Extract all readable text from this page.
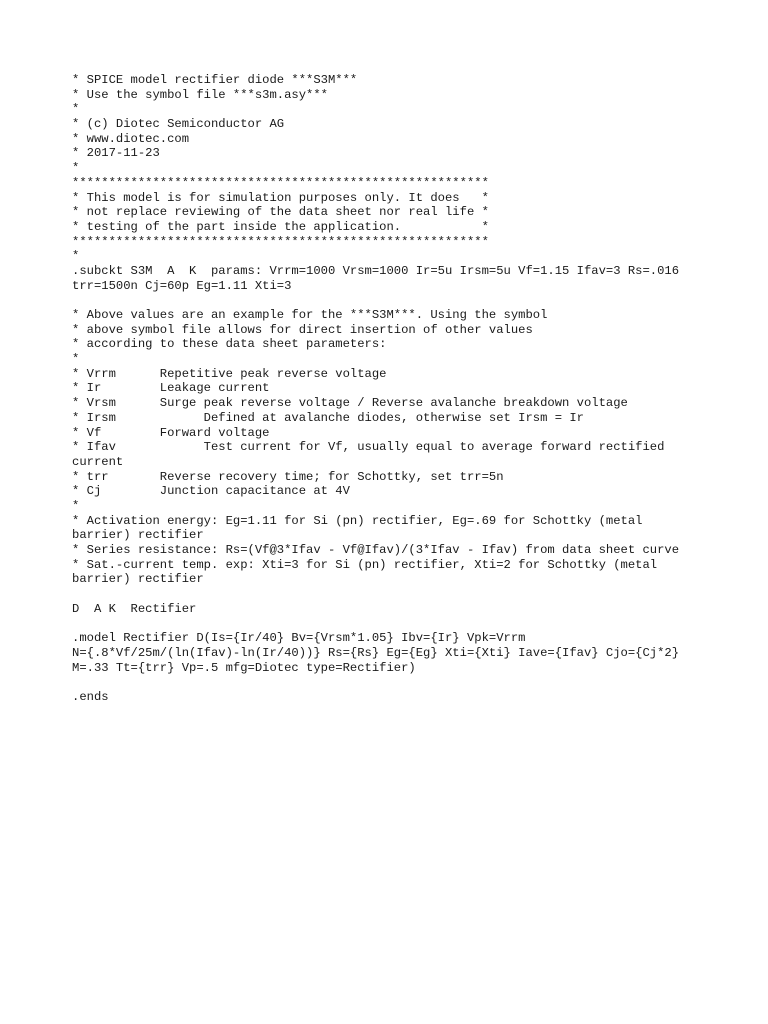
* SPICE model rectifier diode ***S3M***
* Use the symbol file ***s3m.asy***
*
* (c) Diotec Semiconductor AG
* www.diotec.com
* 2017-11-23
*
*********************************************************
* This model is for simulation purposes only. It does   *
* not replace reviewing of the data sheet nor real life *
* testing of the part inside the application.           *
*********************************************************
*
.subckt S3M  A  K  params: Vrrm=1000 Vrsm=1000 Ir=5u Irsm=5u Vf=1.15 Ifav=3 Rs=.016
trr=1500n Cj=60p Eg=1.11 Xti=3
* Above values are an example for the ***S3M***. Using the symbol
* above symbol file allows for direct insertion of other values
* according to these data sheet parameters:
*
* Vrrm      Repetitive peak reverse voltage
* Ir        Leakage current
* Vrsm      Surge peak reverse voltage / Reverse avalanche breakdown voltage
* Irsm            Defined at avalanche diodes, otherwise set Irsm = Ir
* Vf        Forward voltage
* Ifav            Test current for Vf, usually equal to average forward rectified
current
* trr       Reverse recovery time; for Schottky, set trr=5n
* Cj        Junction capacitance at 4V
*
* Activation energy: Eg=1.11 for Si (pn) rectifier, Eg=.69 for Schottky (metal
barrier) rectifier
* Series resistance: Rs=(Vf@3*Ifav - Vf@Ifav)/(3*Ifav - Ifav) from data sheet curve
* Sat.-current temp. exp: Xti=3 for Si (pn) rectifier, Xti=2 for Schottky (metal
barrier) rectifier
D  A K  Rectifier
.model Rectifier D(Is={Ir/40} Bv={Vrsm*1.05} Ibv={Ir} Vpk=Vrrm
N={.8*Vf/25m/(ln(Ifav)-ln(Ir/40))} Rs={Rs} Eg={Eg} Xti={Xti} Iave={Ifav} Cjo={Cj*2}
M=.33 Tt={trr} Vp=.5 mfg=Diotec type=Rectifier)
.ends
